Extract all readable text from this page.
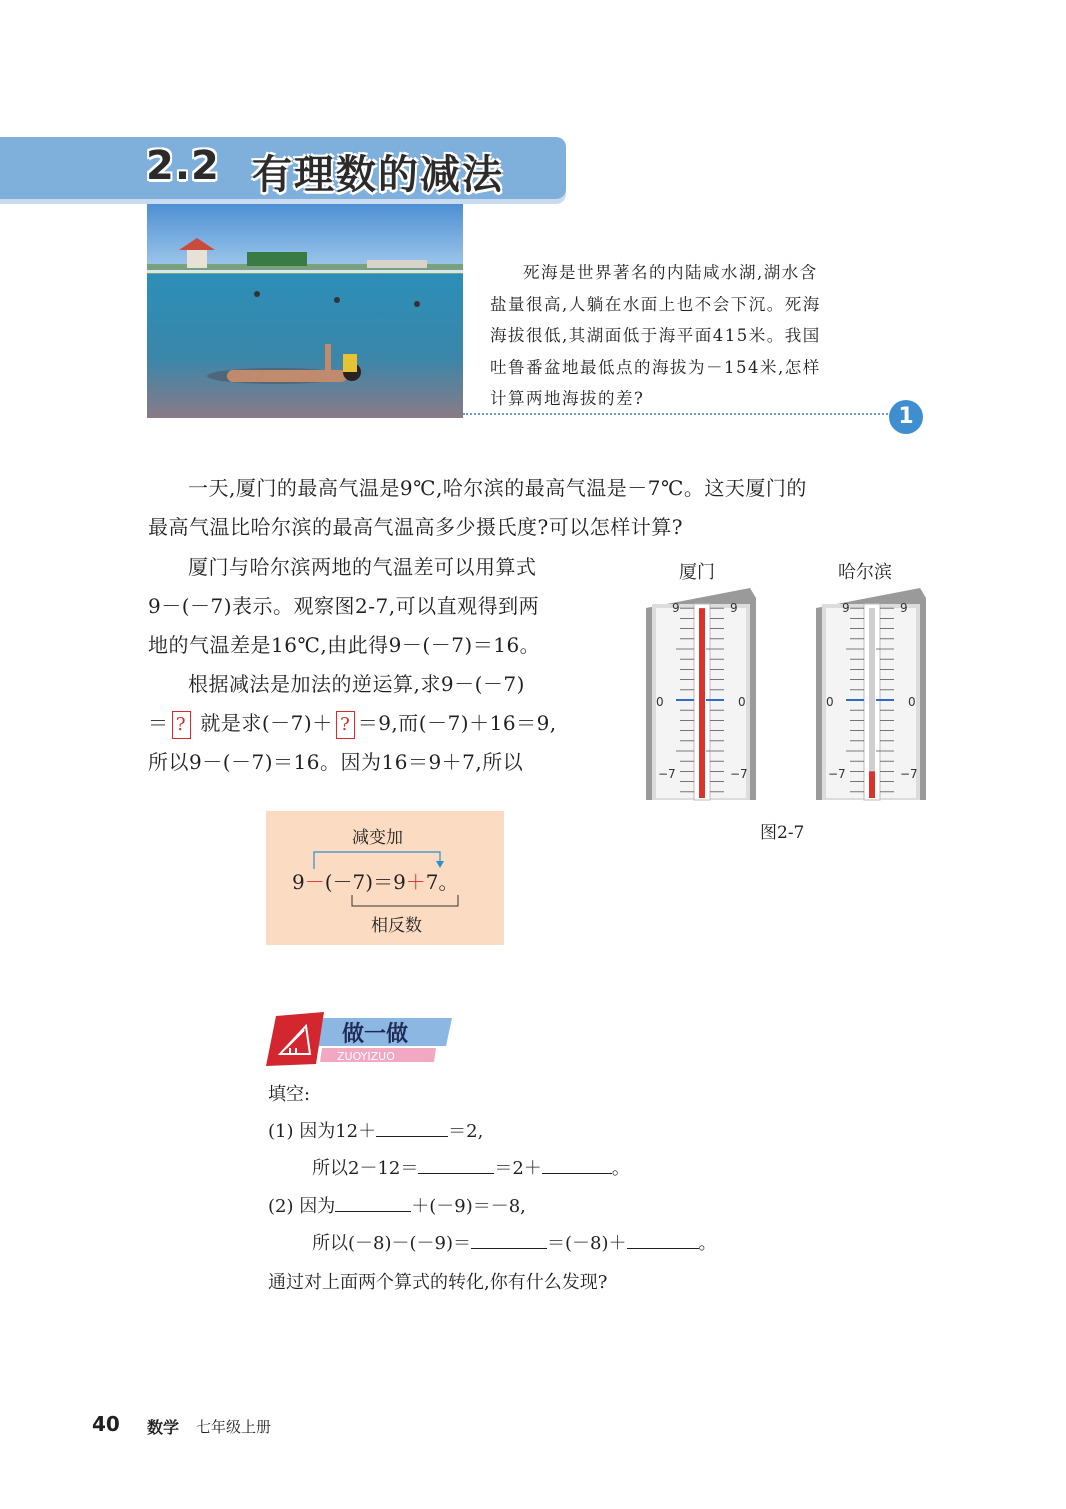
2.2 有理数的减法
死海是世界著名的内陆咸水湖,湖水含
盐量很高,人躺在水面上也不会下沉。死海
海拔很低,其湖面低于海平面415米。我国
吐鲁番盆地最低点的海拔为－154米,怎样
计算两地海拔的差?
1
一天,厦门的最高气温是9℃,哈尔滨的最高气温是－7℃。这天厦门的
最高气温比哈尔滨的最高气温高多少摄氏度?可以怎样计算?
厦门与哈尔滨两地的气温差可以用算式
9－(－7)表示。观察图2-7,可以直观得到两
地的气温差是16℃,由此得9－(－7)＝16。
根据减法是加法的逆运算,求9－(－7)
＝ ? 就是求(－7)＋ ? ＝9,而(－7)＋16＝9,
所以9－(－7)＝16。因为16＝9＋7,所以
厦门	哈尔滨
9	9
0	0
−7	−7
9	9
0	0
−7	−7
图2-7
减变加
9－(－7)＝9＋7。
相反数
做一做
ZUOYIZUO
填空:
(1) 因为12＋	＝2,
所以2－12＝	＝2＋	。
(2) 因为	＋(－9)＝－8,
所以(－8)－(－9)＝	＝(－8)＋	。
通过对上面两个算式的转化,你有什么发现?
40 数学 七年级上册
